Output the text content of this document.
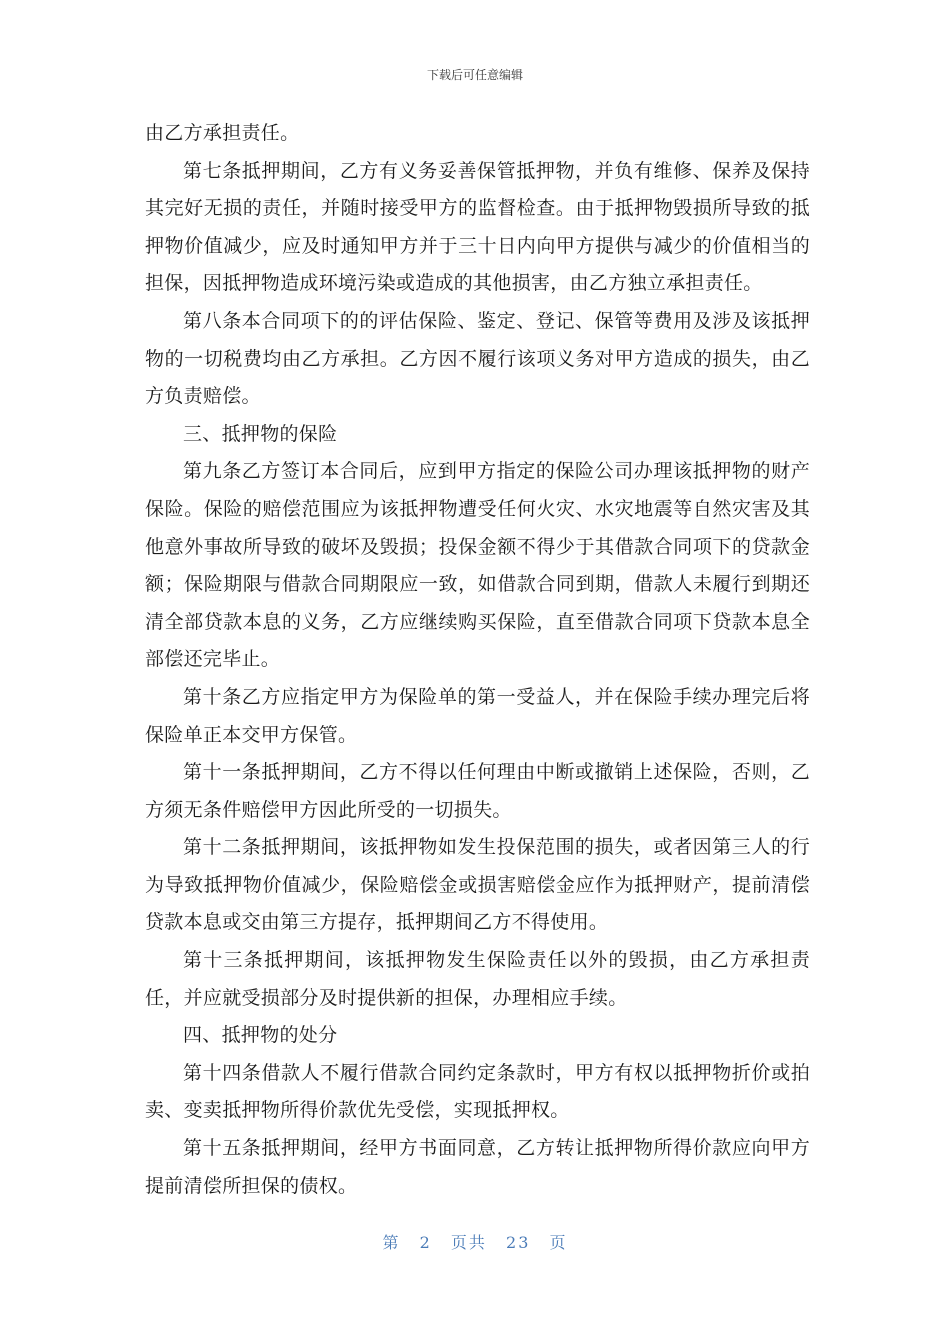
下载后可任意编辑

由乙方承担责任。

第七条抵押期间，乙方有义务妥善保管抵押物，并负有维修、保养及保持其完好无损的责任，并随时接受甲方的监督检查。由于抵押物毁损所导致的抵押物价值减少，应及时通知甲方并于三十日内向甲方提供与减少的价值相当的担保，因抵押物造成环境污染或造成的其他损害，由乙方独立承担责任。

第八条本合同项下的的评估保险、鉴定、登记、保管等费用及涉及该抵押物的一切税费均由乙方承担。乙方因不履行该项义务对甲方造成的损失，由乙方负责赔偿。

三、抵押物的保险

第九条乙方签订本合同后，应到甲方指定的保险公司办理该抵押物的财产保险。保险的赔偿范围应为该抵押物遭受任何火灾、水灾地震等自然灾害及其他意外事故所导致的破坏及毁损；投保金额不得少于其借款合同项下的贷款金额；保险期限与借款合同期限应一致，如借款合同到期，借款人未履行到期还清全部贷款本息的义务，乙方应继续购买保险，直至借款合同项下贷款本息全部偿还完毕止。

第十条乙方应指定甲方为保险单的第一受益人，并在保险手续办理完后将保险单正本交甲方保管。

第十一条抵押期间，乙方不得以任何理由中断或撤销上述保险，否则，乙方须无条件赔偿甲方因此所受的一切损失。

第十二条抵押期间，该抵押物如发生投保范围的损失，或者因第三人的行为导致抵押物价值减少，保险赔偿金或损害赔偿金应作为抵押财产，提前清偿贷款本息或交由第三方提存，抵押期间乙方不得使用。

第十三条抵押期间，该抵押物发生保险责任以外的毁损，由乙方承担责任，并应就受损部分及时提供新的担保，办理相应手续。

四、抵押物的处分

第十四条借款人不履行借款合同约定条款时，甲方有权以抵押物折价或拍卖、变卖抵押物所得价款优先受偿，实现抵押权。

第十五条抵押期间，经甲方书面同意，乙方转让抵押物所得价款应向甲方提前清偿所担保的债权。

第 2 页共 23 页
